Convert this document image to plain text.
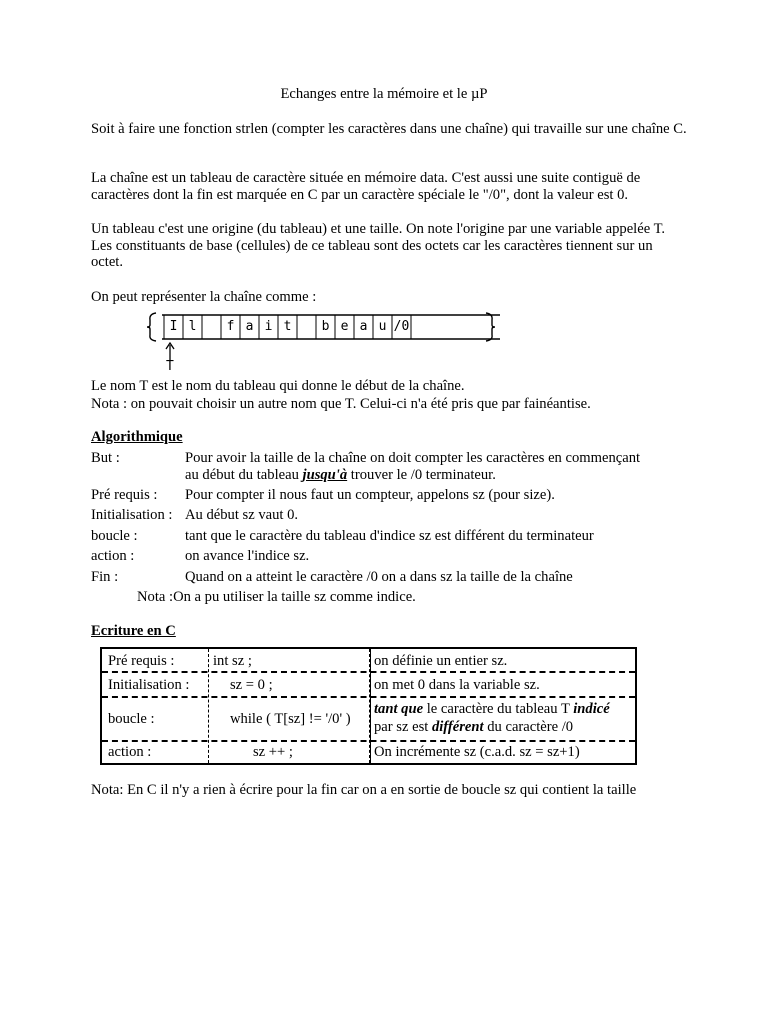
Echanges entre la mémoire et le µP
Soit à faire une fonction strlen (compter les caractères dans une chaîne) qui travaille sur une chaîne C.
La chaîne est un tableau de caractère située en mémoire data. C'est aussi une suite contiguë de caractères dont la fin est marquée en C par un caractère spéciale le "/0", dont la valeur est 0.
Un tableau c'est une origine (du tableau) et une taille. On note l'origine par une variable appelée T. Les constituants de base (cellules) de ce tableau sont des octets car les caractères tiennent sur un octet.
On peut représenter la chaîne comme :
I l	f a i t	b e a u /0
T
Le nom T est le nom du tableau qui donne le début de la chaîne.
Nota : on pouvait choisir un autre nom que T. Celui-ci n'a été pris que par fainéantise.
Algorithmique
But :	Pour avoir la taille de la chaîne on doit compter les caractères en commençant
au début du tableau jusqu'à trouver le /0 terminateur.
Pré requis : Pour compter il nous faut un compteur, appelons sz (pour size).
Initialisation : Au début sz vaut 0.
boucle :	tant que le caractère du tableau d'indice sz est différent du terminateur
action :	on avance l'indice sz.
Fin :	Quand on a atteint le caractère /0 on a dans sz la taille de la chaîne
Nota :On a pu utiliser la taille sz comme indice.
Ecriture en C
Pré requis :	int sz ;	on définie un entier sz.
Initialisation :	sz = 0 ;	on met 0 dans la variable sz.
boucle :	while ( T[sz] != '/0' )
tant que le caractère du tableau T indicé
par sz est différent du caractère /0
action :	sz ++ ;	On incrémente sz (c.a.d. sz = sz+1)
Nota: En C il n'y a rien à écrire pour la fin car on a en sortie de boucle sz qui contient la taille
